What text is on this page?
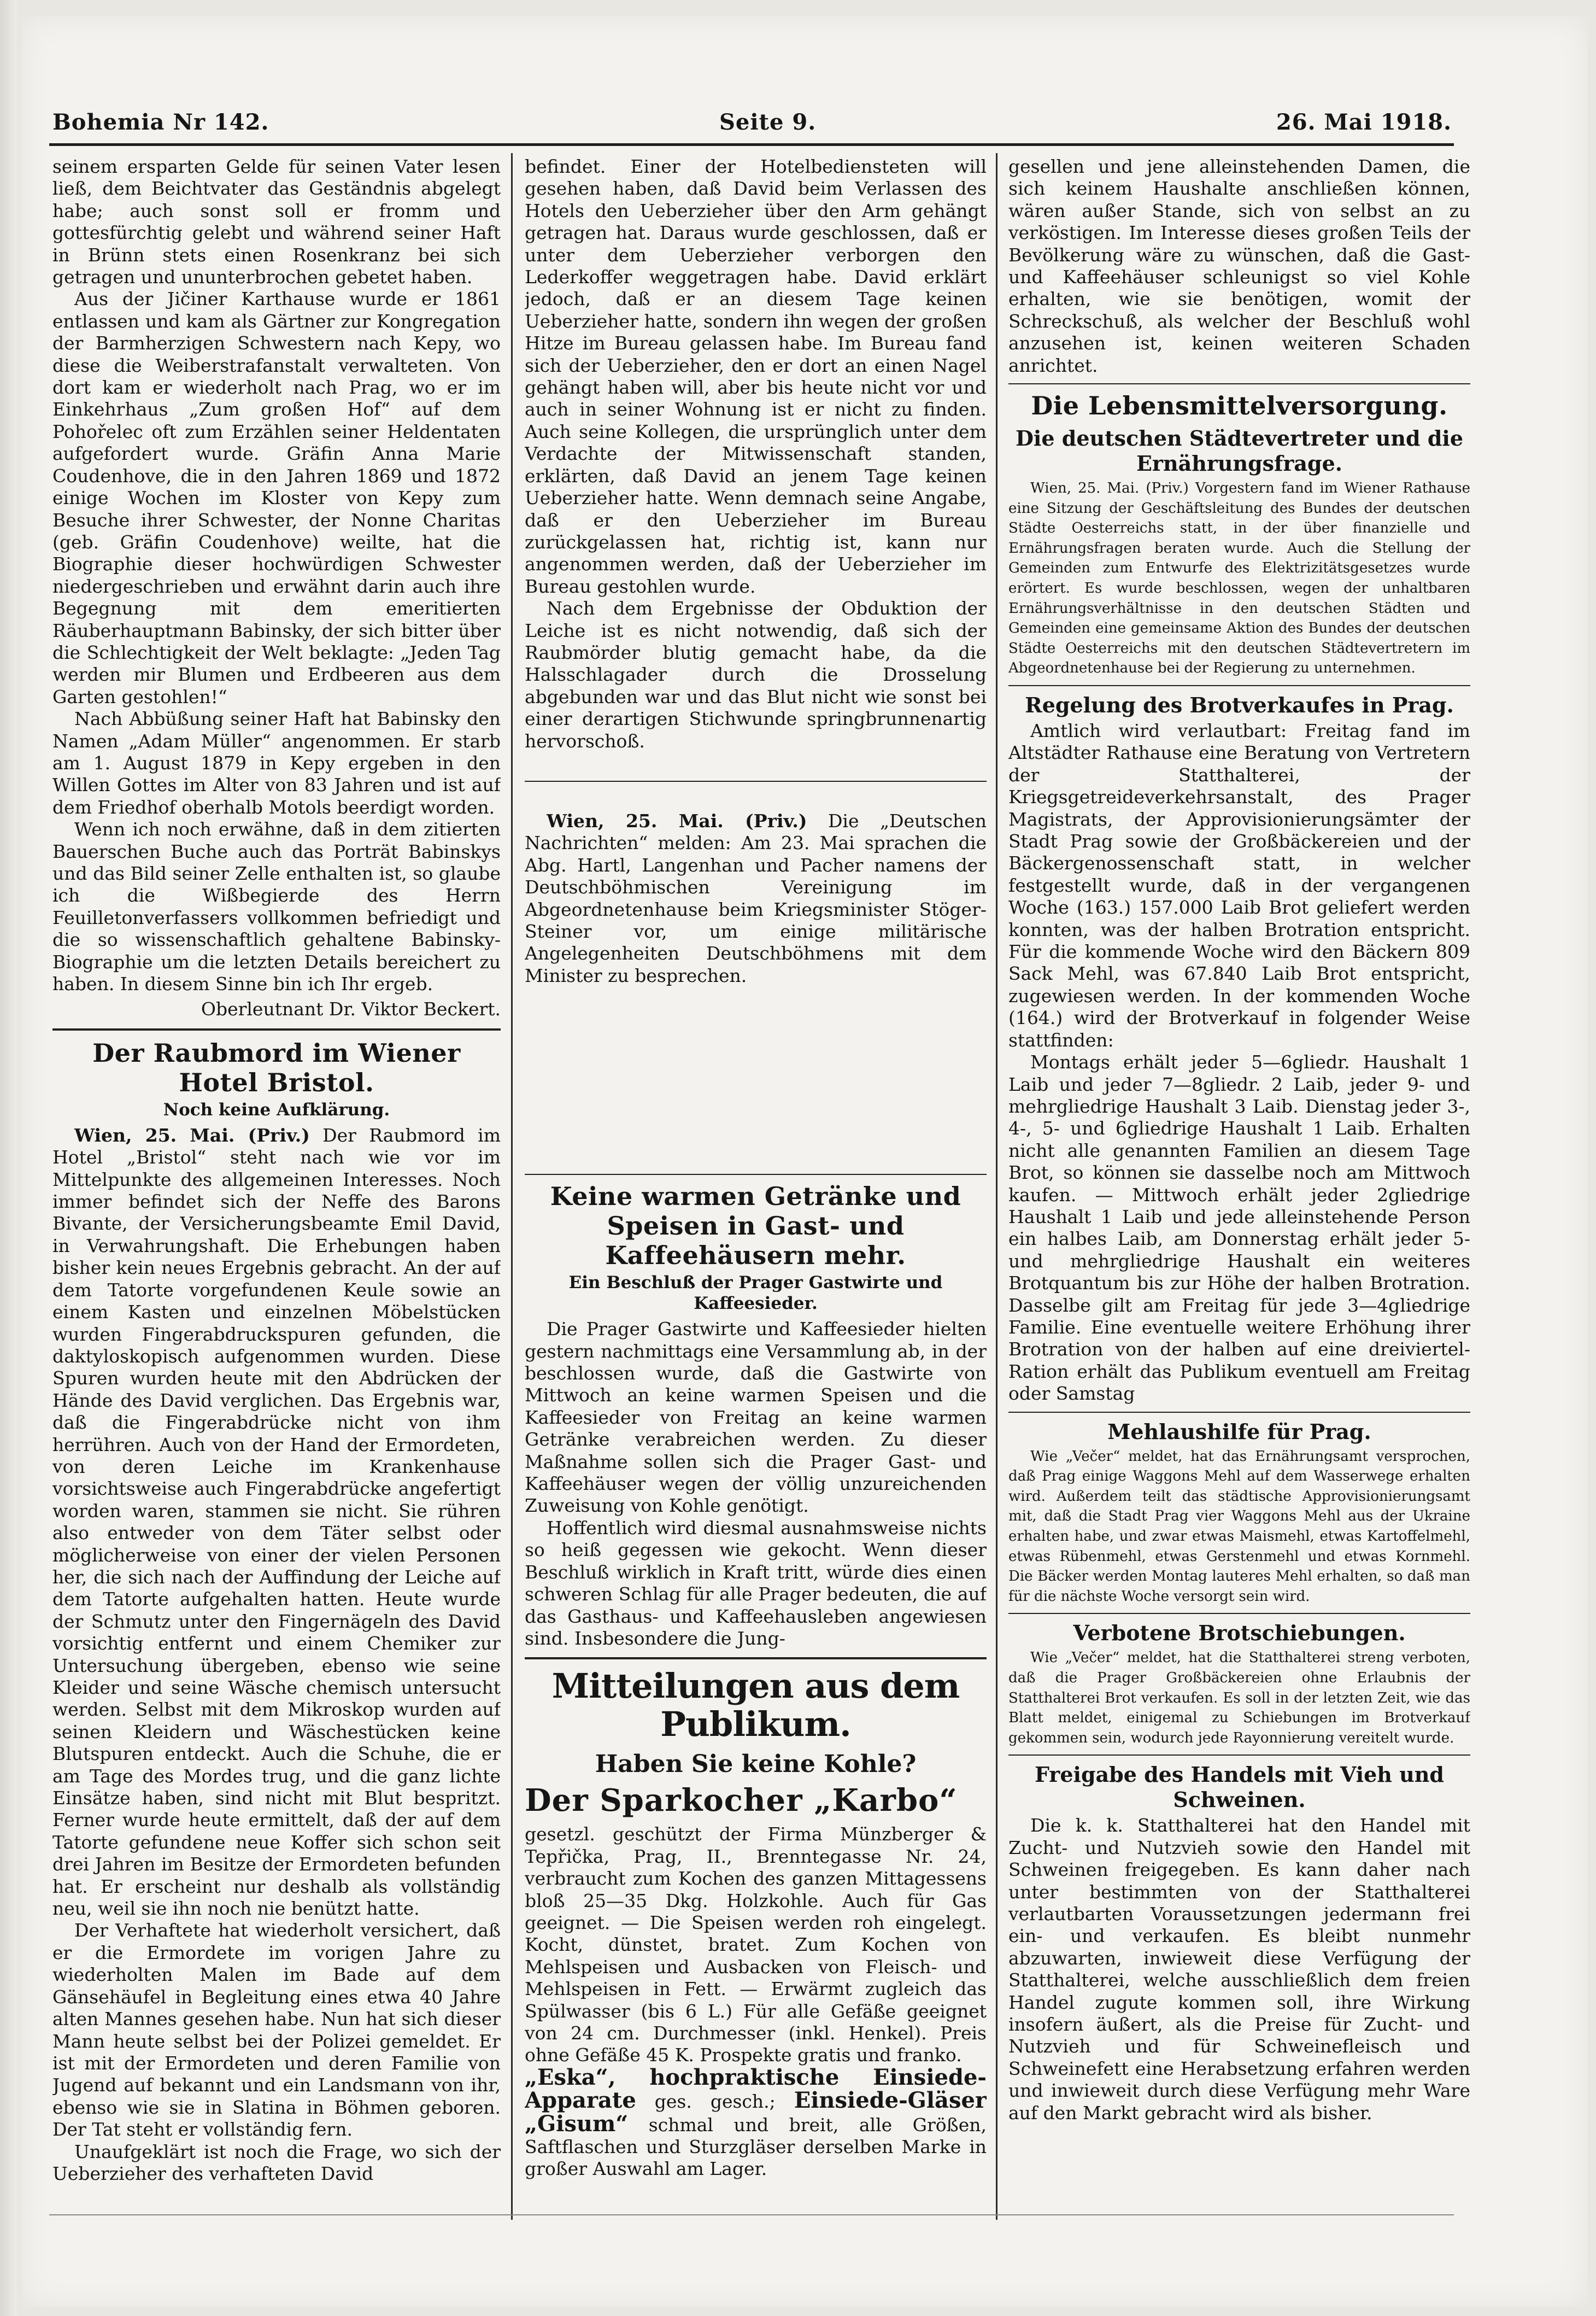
Bohemia Nr 142.	Seite 9.	26. Mai 1918.

seinem ersparten Gelde für seinen Vater lesen ließ, dem Beichtvater das Geständnis abgelegt habe; auch sonst soll er fromm und gottesfürchtig gelebt und während seiner Haft in Brünn stets einen Rosenkranz bei sich getragen und ununterbrochen gebetet haben.

Aus der Jičiner Karthause wurde er 1861 entlassen und kam als Gärtner zur Kongregation der Barmherzigen Schwestern nach Kepy, wo diese die Weiberstrafanstalt verwalteten. Von dort kam er wiederholt nach Prag, wo er im Einkehrhaus „Zum großen Hof“ auf dem Pohořelec oft zum Erzählen seiner Heldentaten aufgefordert wurde. Gräfin Anna Marie Coudenhove, die in den Jahren 1869 und 1872 einige Wochen im Kloster von Kepy zum Besuche ihrer Schwester, der Nonne Charitas (geb. Gräfin Coudenhove) weilte, hat die Biographie dieser hochwürdigen Schwester niedergeschrieben und erwähnt darin auch ihre Begegnung mit dem emeritierten Räuberhauptmann Babinsky, der sich bitter über die Schlechtigkeit der Welt beklagte: „Jeden Tag werden mir Blumen und Erdbeeren aus dem Garten gestohlen!“

Nach Abbüßung seiner Haft hat Babinsky den Namen „Adam Müller“ angenommen. Er starb am 1. August 1879 in Kepy ergeben in den Willen Gottes im Alter von 83 Jahren und ist auf dem Friedhof oberhalb Motols beerdigt worden.

Wenn ich noch erwähne, daß in dem zitierten Bauerschen Buche auch das Porträt Babinskys und das Bild seiner Zelle enthalten ist, so glaube ich die Wißbegierde des Herrn Feuilletonverfassers vollkommen befriedigt und die so wissenschaftlich gehaltene Babinsky-Biographie um die letzten Details bereichert zu haben. In diesem Sinne bin ich Ihr ergeb.

Oberleutnant Dr. Viktor Beckert.
Der Raubmord im Wiener Hotel Bristol.
Noch keine Aufklärung.

Wien, 25. Mai. (Priv.) Der Raubmord im Hotel „Bristol“ steht nach wie vor im Mittelpunkte des allgemeinen Interesses. Noch immer befindet sich der Neffe des Barons Bivante, der Versicherungsbeamte Emil David, in Verwahrungshaft. Die Erhebungen haben bisher kein neues Ergebnis gebracht. An der auf dem Tatorte vorgefundenen Keule sowie an einem Kasten und einzelnen Möbelstücken wurden Fingerabdruckspuren gefunden, die daktyloskopisch aufgenommen wurden. Diese Spuren wurden heute mit den Abdrücken der Hände des David verglichen. Das Ergebnis war, daß die Fingerabdrücke nicht von ihm herrühren. Auch von der Hand der Ermordeten, von deren Leiche im Krankenhause vorsichtsweise auch Fingerabdrücke angefertigt worden waren, stammen sie nicht. Sie rühren also entweder von dem Täter selbst oder möglicherweise von einer der vielen Personen her, die sich nach der Auffindung der Leiche auf dem Tatorte aufgehalten hatten. Heute wurde der Schmutz unter den Fingernägeln des David vorsichtig entfernt und einem Chemiker zur Untersuchung übergeben, ebenso wie seine Kleider und seine Wäsche chemisch untersucht werden. Selbst mit dem Mikroskop wurden auf seinen Kleidern und Wäschestücken keine Blutspuren entdeckt. Auch die Schuhe, die er am Tage des Mordes trug, und die ganz lichte Einsätze haben, sind nicht mit Blut bespritzt. Ferner wurde heute ermittelt, daß der auf dem Tatorte gefundene neue Koffer sich schon seit drei Jahren im Besitze der Ermordeten befunden hat. Er erscheint nur deshalb als vollständig neu, weil sie ihn noch nie benützt hatte.

Der Verhaftete hat wiederholt versichert, daß er die Ermordete im vorigen Jahre zu wiederholten Malen im Bade auf dem Gänsehäufel in Begleitung eines etwa 40 Jahre alten Mannes gesehen habe. Nun hat sich dieser Mann heute selbst bei der Polizei gemeldet. Er ist mit der Ermordeten und deren Familie von Jugend auf bekannt und ein Landsmann von ihr, ebenso wie sie in Slatina in Böhmen geboren. Der Tat steht er vollständig fern.

Unaufgeklärt ist noch die Frage, wo sich der Ueberzieher des verhafteten David

befindet. Einer der Hotelbediensteten will gesehen haben, daß David beim Verlassen des Hotels den Ueberzieher über den Arm gehängt getragen hat. Daraus wurde geschlossen, daß er unter dem Ueberzieher verborgen den Lederkoffer weggetragen habe. David erklärt jedoch, daß er an diesem Tage keinen Ueberzieher hatte, sondern ihn wegen der großen Hitze im Bureau gelassen habe. Im Bureau fand sich der Ueberzieher, den er dort an einen Nagel gehängt haben will, aber bis heute nicht vor und auch in seiner Wohnung ist er nicht zu finden. Auch seine Kollegen, die ursprünglich unter dem Verdachte der Mitwissenschaft standen, erklärten, daß David an jenem Tage keinen Ueberzieher hatte. Wenn demnach seine Angabe, daß er den Ueberzieher im Bureau zurückgelassen hat, richtig ist, kann nur angenommen werden, daß der Ueberzieher im Bureau gestohlen wurde.

Nach dem Ergebnisse der Obduktion der Leiche ist es nicht notwendig, daß sich der Raubmörder blutig gemacht habe, da die Halsschlagader durch die Drosselung abgebunden war und das Blut nicht wie sonst bei einer derartigen Stichwunde springbrunnenartig hervorschoß.

Wien, 25. Mai. (Priv.) Die „Deutschen Nachrichten“ melden: Am 23. Mai sprachen die Abg. Hartl, Langenhan und Pacher namens der Deutschböhmischen Vereinigung im Abgeordnetenhause beim Kriegsminister Stöger-Steiner vor, um einige militärische Angelegenheiten Deutschböhmens mit dem Minister zu besprechen.

Keine warmen Getränke und Speisen in Gast- und Kaffeehäusern mehr.
Ein Beschluß der Prager Gastwirte und Kaffeesieder.

Die Prager Gastwirte und Kaffeesieder hielten gestern nachmittags eine Versammlung ab, in der beschlossen wurde, daß die Gastwirte von Mittwoch an keine warmen Speisen und die Kaffeesieder von Freitag an keine warmen Getränke verabreichen werden. Zu dieser Maßnahme sollen sich die Prager Gast- und Kaffeehäuser wegen der völlig unzureichenden Zuweisung von Kohle genötigt.

Hoffentlich wird diesmal ausnahmsweise nichts so heiß gegessen wie gekocht. Wenn dieser Beschluß wirklich in Kraft tritt, würde dies einen schweren Schlag für alle Prager bedeuten, die auf das Gasthaus- und Kaffeehausleben angewiesen sind. Insbesondere die Jung-

Mitteilungen aus dem Publikum.
Haben Sie keine Kohle?
Der Sparkocher „Karbo“

gesetzl. geschützt der Firma Münzberger & Tepřička, Prag, II., Brenntegasse Nr. 24, verbraucht zum Kochen des ganzen Mittagessens bloß 25—35 Dkg. Holzkohle. Auch für Gas geeignet. — Die Speisen werden roh eingelegt. Kocht, dünstet, bratet. Zum Kochen von Mehlspeisen und Ausbacken von Fleisch- und Mehlspeisen in Fett. — Erwärmt zugleich das Spülwasser (bis 6 L.) Für alle Gefäße geeignet von 24 cm. Durchmesser (inkl. Henkel). Preis ohne Gefäße 45 K. Prospekte gratis und franko.

„Eska“, hochpraktische Einsiede-Apparate ges. gesch.; Einsiede-Gläser „Gisum“ schmal und breit, alle Größen, Saftflaschen und Sturzgläser derselben Marke in großer Auswahl am Lager.

gesellen und jene alleinstehenden Damen, die sich keinem Haushalte anschließen können, wären außer Stande, sich von selbst an zu verköstigen. Im Interesse dieses großen Teils der Bevölkerung wäre zu wünschen, daß die Gast- und Kaffeehäuser schleunigst so viel Kohle erhalten, wie sie benötigen, womit der Schreckschuß, als welcher der Beschluß wohl anzusehen ist, keinen weiteren Schaden anrichtet.

Die Lebensmittelversorgung.
Die deutschen Städtevertreter und die Ernährungsfrage.

Wien, 25. Mai. (Priv.) Vorgestern fand im Wiener Rathause eine Sitzung der Geschäftsleitung des Bundes der deutschen Städte Oesterreichs statt, in der über finanzielle und Ernährungsfragen beraten wurde. Auch die Stellung der Gemeinden zum Entwurfe des Elektrizitätsgesetzes wurde erörtert. Es wurde beschlossen, wegen der unhaltbaren Ernährungsverhältnisse in den deutschen Städten und Gemeinden eine gemeinsame Aktion des Bundes der deutschen Städte Oesterreichs mit den deutschen Städtevertretern im Abgeordnetenhause bei der Regierung zu unternehmen.

Regelung des Brotverkaufes in Prag.

Amtlich wird verlautbart: Freitag fand im Altstädter Rathause eine Beratung von Vertretern der Statthalterei, der Kriegsgetreideverkehrsanstalt, des Prager Magistrats, der Approvisionierungsämter der Stadt Prag sowie der Großbäckereien und der Bäckergenossenschaft statt, in welcher festgestellt wurde, daß in der vergangenen Woche (163.) 157.000 Laib Brot geliefert werden konnten, was der halben Brotration entspricht. Für die kommende Woche wird den Bäckern 809 Sack Mehl, was 67.840 Laib Brot entspricht, zugewiesen werden. In der kommenden Woche (164.) wird der Brotverkauf in folgender Weise stattfinden:

Montags erhält jeder 5—6gliedr. Haushalt 1 Laib und jeder 7—8gliedr. 2 Laib, jeder 9- und mehrgliedrige Haushalt 3 Laib. Dienstag jeder 3-, 4-, 5- und 6gliedrige Haushalt 1 Laib. Erhalten nicht alle genannten Familien an diesem Tage Brot, so können sie dasselbe noch am Mittwoch kaufen. — Mittwoch erhält jeder 2gliedrige Haushalt 1 Laib und jede alleinstehende Person ein halbes Laib, am Donnerstag erhält jeder 5- und mehrgliedrige Haushalt ein weiteres Brotquantum bis zur Höhe der halben Brotration. Dasselbe gilt am Freitag für jede 3—4gliedrige Familie. Eine eventuelle weitere Erhöhung ihrer Brotration von der halben auf eine dreiviertel-Ration erhält das Publikum eventuell am Freitag oder Samstag

Mehlaushilfe für Prag.

Wie „Večer“ meldet, hat das Ernährungsamt versprochen, daß Prag einige Waggons Mehl auf dem Wasserwege erhalten wird. Außerdem teilt das städtische Approvisionierungsamt mit, daß die Stadt Prag vier Waggons Mehl aus der Ukraine erhalten habe, und zwar etwas Maismehl, etwas Kartoffelmehl, etwas Rübenmehl, etwas Gerstenmehl und etwas Kornmehl. Die Bäcker werden Montag lauteres Mehl erhalten, so daß man für die nächste Woche versorgt sein wird.

Verbotene Brotschiebungen.

Wie „Večer“ meldet, hat die Statthalterei streng verboten, daß die Prager Großbäckereien ohne Erlaubnis der Statthalterei Brot verkaufen. Es soll in der letzten Zeit, wie das Blatt meldet, einigemal zu Schiebungen im Brotverkauf gekommen sein, wodurch jede Rayonnierung vereitelt wurde.

Freigabe des Handels mit Vieh und Schweinen.

Die k. k. Statthalterei hat den Handel mit Zucht- und Nutzvieh sowie den Handel mit Schweinen freigegeben. Es kann daher nach unter bestimmten von der Statthalterei verlautbarten Voraussetzungen jedermann frei ein- und verkaufen. Es bleibt nunmehr abzuwarten, inwieweit diese Verfügung der Statthalterei, welche ausschließlich dem freien Handel zugute kommen soll, ihre Wirkung insofern äußert, als die Preise für Zucht- und Nutzvieh und für Schweinefleisch und Schweinefett eine Herabsetzung erfahren werden und inwieweit durch diese Verfügung mehr Ware auf den Markt gebracht wird als bisher.
